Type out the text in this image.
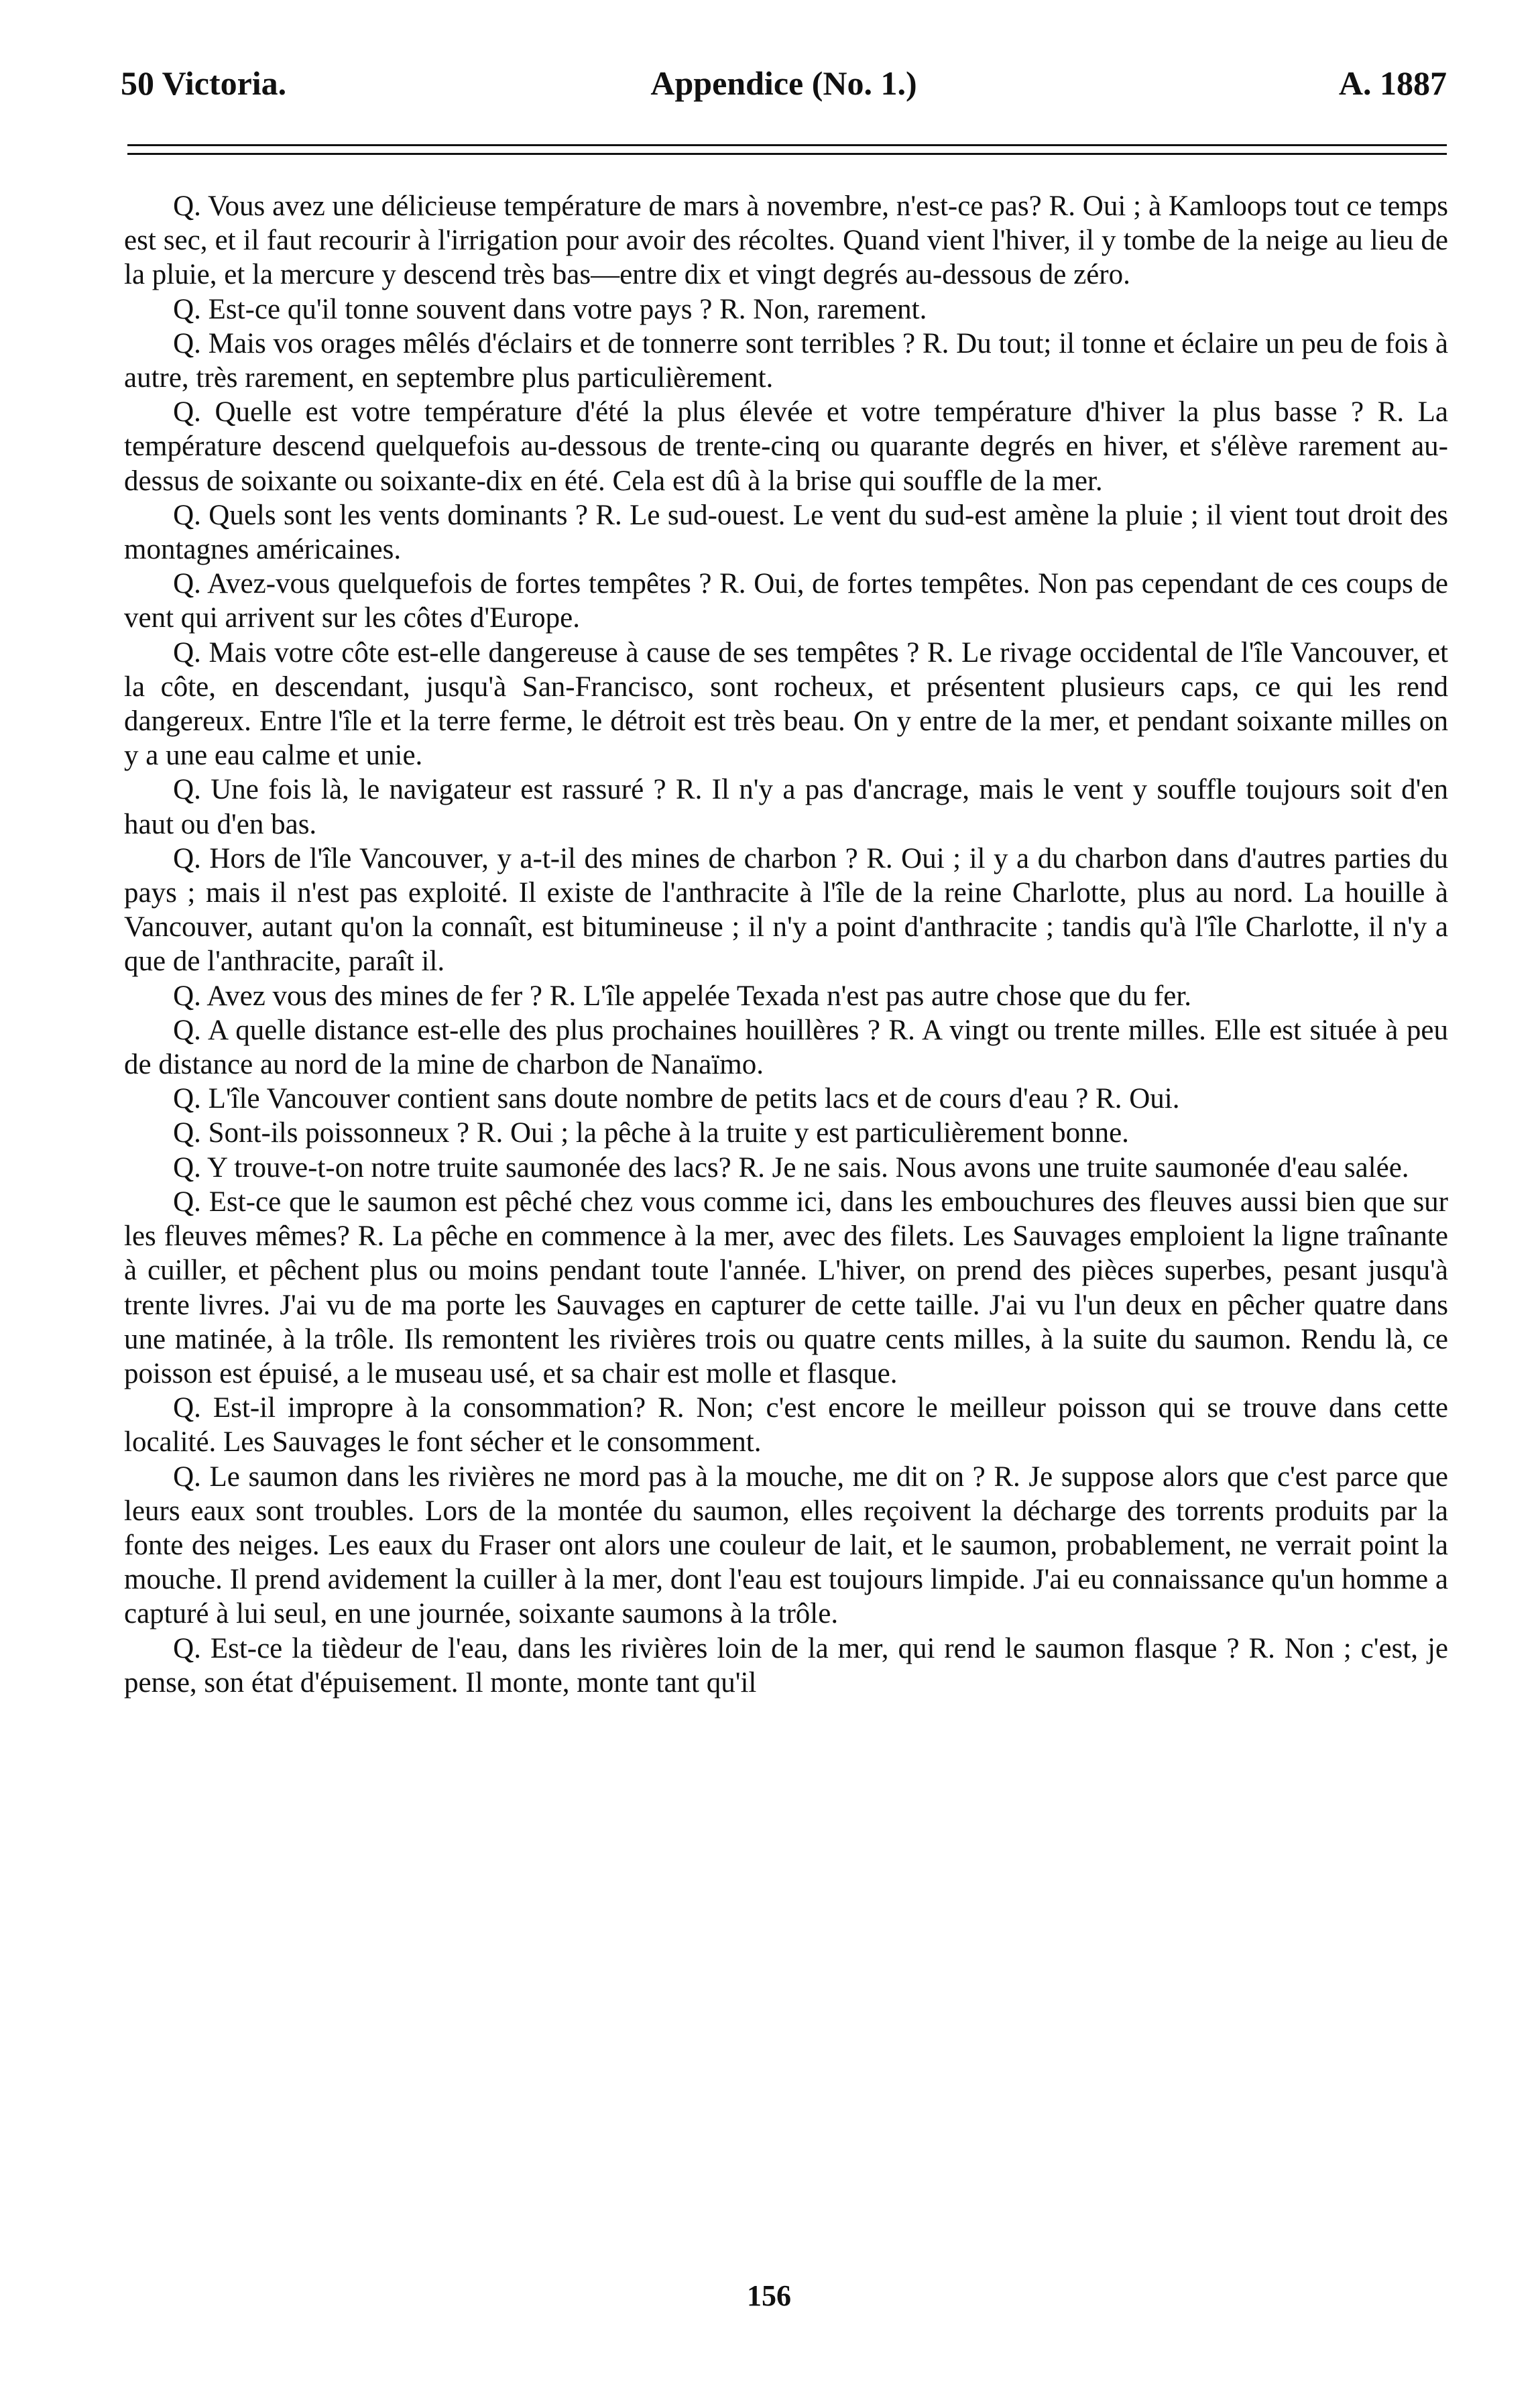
50 Victoria.	Appendice (No. 1.)	A. 1887

Q. Vous avez une délicieuse température de mars à novembre, n'est-ce pas? R. Oui ; à Kamloops tout ce temps est sec, et il faut recourir à l'irrigation pour avoir des récoltes. Quand vient l'hiver, il y tombe de la neige au lieu de la pluie, et la mercure y descend très bas—entre dix et vingt degrés au-dessous de zéro.

Q. Est-ce qu'il tonne souvent dans votre pays ? R. Non, rarement.

Q. Mais vos orages mêlés d'éclairs et de tonnerre sont terribles ? R. Du tout; il tonne et éclaire un peu de fois à autre, très rarement, en septembre plus particulièrement.

Q. Quelle est votre température d'été la plus élevée et votre température d'hiver la plus basse ? R. La température descend quelquefois au-dessous de trente-cinq ou quarante degrés en hiver, et s'élève rarement au-dessus de soixante ou soixante-dix en été. Cela est dû à la brise qui souffle de la mer.

Q. Quels sont les vents dominants ? R. Le sud-ouest. Le vent du sud-est amène la pluie ; il vient tout droit des montagnes américaines.

Q. Avez-vous quelquefois de fortes tempêtes ? R. Oui, de fortes tempêtes. Non pas cependant de ces coups de vent qui arrivent sur les côtes d'Europe.

Q. Mais votre côte est-elle dangereuse à cause de ses tempêtes ? R. Le rivage occidental de l'île Vancouver, et la côte, en descendant, jusqu'à San-Francisco, sont rocheux, et présentent plusieurs caps, ce qui les rend dangereux. Entre l'île et la terre ferme, le détroit est très beau. On y entre de la mer, et pendant soixante milles on y a une eau calme et unie.

Q. Une fois là, le navigateur est rassuré ? R. Il n'y a pas d'ancrage, mais le vent y souffle toujours soit d'en haut ou d'en bas.

Q. Hors de l'île Vancouver, y a-t-il des mines de charbon ? R. Oui ; il y a du charbon dans d'autres parties du pays ; mais il n'est pas exploité. Il existe de l'anthracite à l'île de la reine Charlotte, plus au nord. La houille à Vancouver, autant qu'on la connaît, est bitumineuse ; il n'y a point d'anthracite ; tandis qu'à l'île Charlotte, il n'y a que de l'anthracite, paraît il.

Q. Avez vous des mines de fer ? R. L'île appelée Texada n'est pas autre chose que du fer.

Q. A quelle distance est-elle des plus prochaines houillères ? R. A vingt ou trente milles. Elle est située à peu de distance au nord de la mine de charbon de Nanaïmo.

Q. L'île Vancouver contient sans doute nombre de petits lacs et de cours d'eau ? R. Oui.

Q. Sont-ils poissonneux ? R. Oui ; la pêche à la truite y est particulièrement bonne.

Q. Y trouve-t-on notre truite saumonée des lacs? R. Je ne sais. Nous avons une truite saumonée d'eau salée.

Q. Est-ce que le saumon est pêché chez vous comme ici, dans les embouchures des fleuves aussi bien que sur les fleuves mêmes? R. La pêche en commence à la mer, avec des filets. Les Sauvages emploient la ligne traînante à cuiller, et pêchent plus ou moins pendant toute l'année. L'hiver, on prend des pièces superbes, pesant jusqu'à trente livres. J'ai vu de ma porte les Sauvages en capturer de cette taille. J'ai vu l'un deux en pêcher quatre dans une matinée, à la trôle. Ils remontent les rivières trois ou quatre cents milles, à la suite du saumon. Rendu là, ce poisson est épuisé, a le museau usé, et sa chair est molle et flasque.

Q. Est-il impropre à la consommation? R. Non; c'est encore le meilleur poisson qui se trouve dans cette localité. Les Sauvages le font sécher et le consomment.

Q. Le saumon dans les rivières ne mord pas à la mouche, me dit on ? R. Je suppose alors que c'est parce que leurs eaux sont troubles. Lors de la montée du saumon, elles reçoivent la décharge des torrents produits par la fonte des neiges. Les eaux du Fraser ont alors une couleur de lait, et le saumon, probablement, ne verrait point la mouche. Il prend avidement la cuiller à la mer, dont l'eau est toujours limpide. J'ai eu connaissance qu'un homme a capturé à lui seul, en une journée, soixante saumons à la trôle.

Q. Est-ce la tièdeur de l'eau, dans les rivières loin de la mer, qui rend le saumon flasque ? R. Non ; c'est, je pense, son état d'épuisement. Il monte, monte tant qu'il

156
